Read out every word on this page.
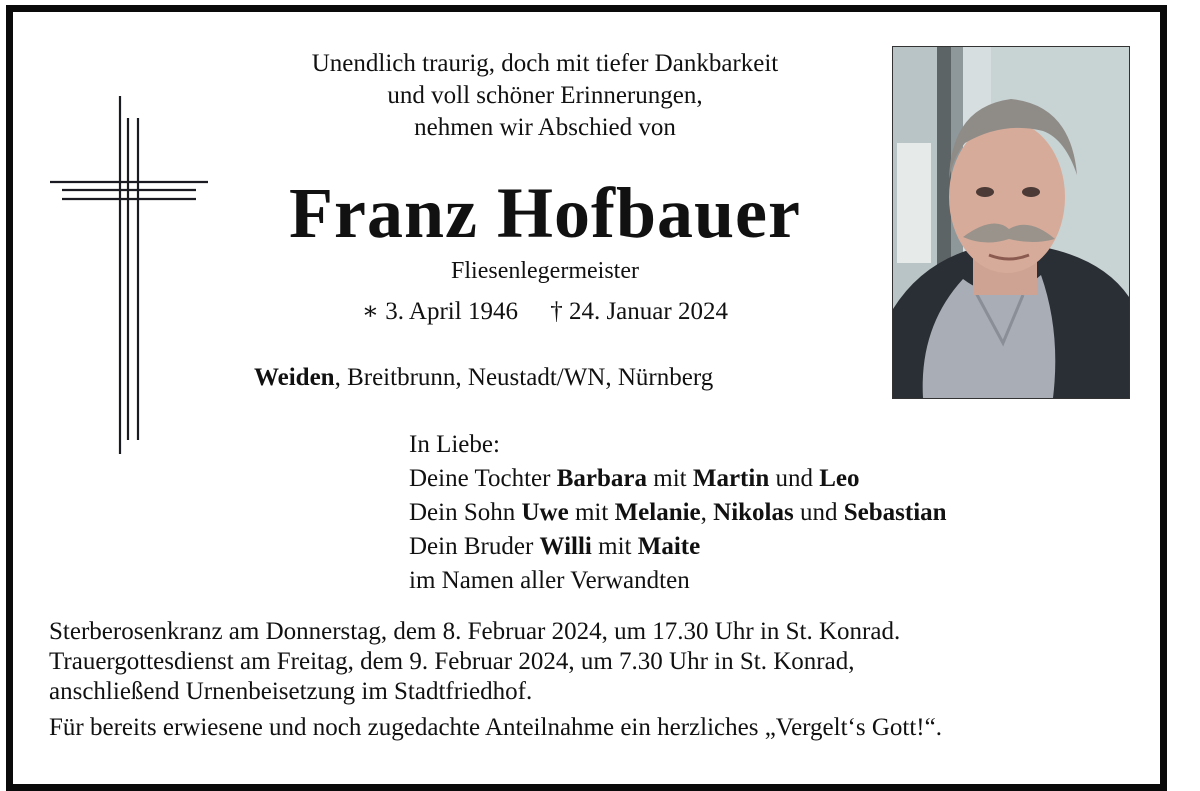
Unendlich traurig, doch mit tiefer Dankbarkeit
und voll schöner Erinnerungen,
nehmen wir Abschied von
Franz Hofbauer
Fliesenlegermeister
∗ 3. April 1946 † 24. Januar 2024
Weiden, Breitbrunn, Neustadt/WN, Nürnberg
In Liebe:
Deine Tochter Barbara mit Martin und Leo
Dein Sohn Uwe mit Melanie, Nikolas und Sebastian
Dein Bruder Willi mit Maite
im Namen aller Verwandten
Sterberosenkranz am Donnerstag, dem 8. Februar 2024, um 17.30 Uhr in St. Konrad.
Trauergottesdienst am Freitag, dem 9. Februar 2024, um 7.30 Uhr in St. Konrad,
anschließend Urnenbeisetzung im Stadtfriedhof.
Für bereits erwiesene und noch zugedachte Anteilnahme ein herzliches „Vergelt‘s Gott!“.
